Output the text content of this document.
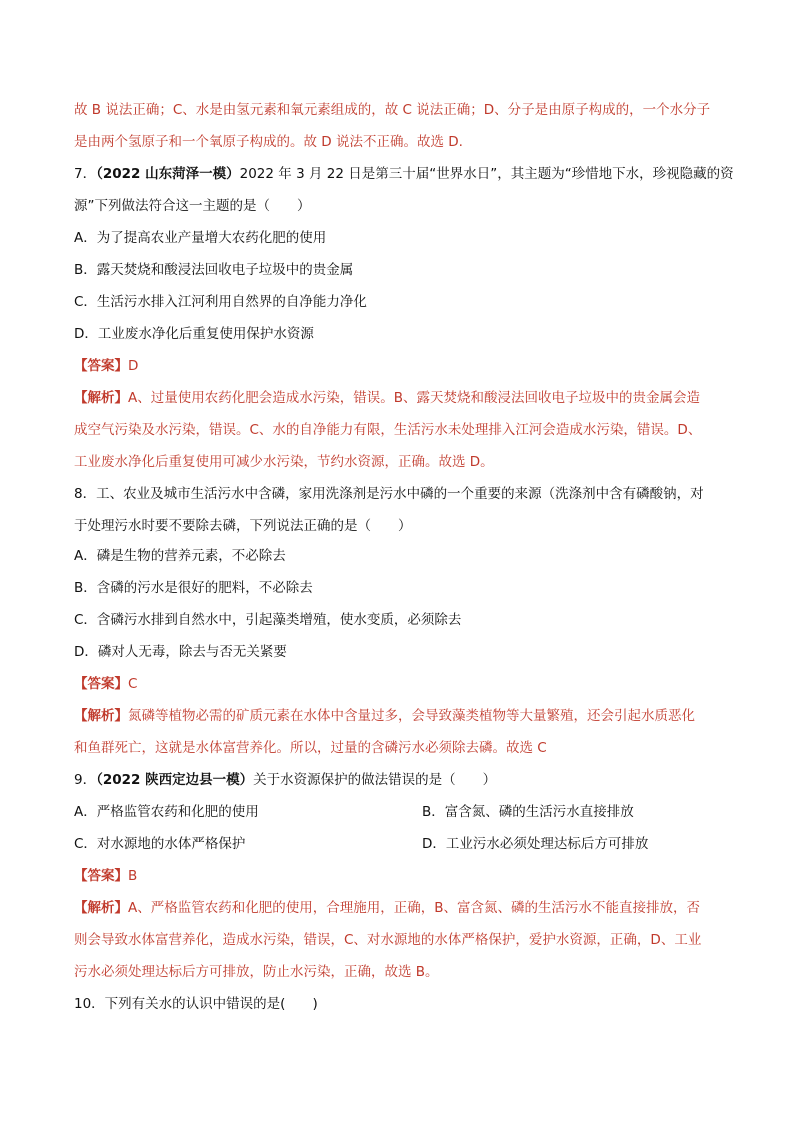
故 B 说法正确；C、水是由氢元素和氧元素组成的，故 C 说法正确；D、分子是由原子构成的，一个水分子
是由两个氢原子和一个氧原子构成的。故 D 说法不正确。故选 D.
7．（2022 山东菏泽一模）2022 年 3 月 22 日是第三十届“世界水日”，其主题为“珍惜地下水，珍视隐藏的资
源”下列做法符合这一主题的是（　　）
A．为了提高农业产量增大农药化肥的使用
B．露天焚烧和酸浸法回收电子垃圾中的贵金属
C．生活污水排入江河利用自然界的自净能力净化
D．工业废水净化后重复使用保护水资源
【答案】D
【解析】A、过量使用农药化肥会造成水污染，错误。B、露天焚烧和酸浸法回收电子垃圾中的贵金属会造
成空气污染及水污染，错误。C、水的自净能力有限，生活污水未处理排入江河会造成水污染，错误。D、
工业废水净化后重复使用可减少水污染，节约水资源，正确。故选 D。
8．工、农业及城市生活污水中含磷，家用洗涤剂是污水中磷的一个重要的来源（洗涤剂中含有磷酸钠，对
于处理污水时要不要除去磷，下列说法正确的是（　　）
A．磷是生物的营养元素，不必除去
B．含磷的污水是很好的肥料，不必除去
C．含磷污水排到自然水中，引起藻类增殖，使水变质，必须除去
D．磷对人无毒，除去与否无关紧要
【答案】C
【解析】氮磷等植物必需的矿质元素在水体中含量过多，会导致藻类植物等大量繁殖，还会引起水质恶化
和鱼群死亡，这就是水体富营养化。所以，过量的含磷污水必须除去磷。故选 C
9．（2022 陕西定边县一模）关于水资源保护的做法错误的是（　　）
A．严格监管农药和化肥的使用	B．富含氮、磷的生活污水直接排放
C．对水源地的水体严格保护	D．工业污水必须处理达标后方可排放
【答案】B
【解析】A、严格监管农药和化肥的使用，合理施用，正确，B、富含氮、磷的生活污水不能直接排放，否
则会导致水体富营养化，造成水污染，错误，C、对水源地的水体严格保护，爱护水资源，正确，D、工业
污水必须处理达标后方可排放，防止水污染，正确，故选 B。
10．下列有关水的认识中错误的是(　　)
